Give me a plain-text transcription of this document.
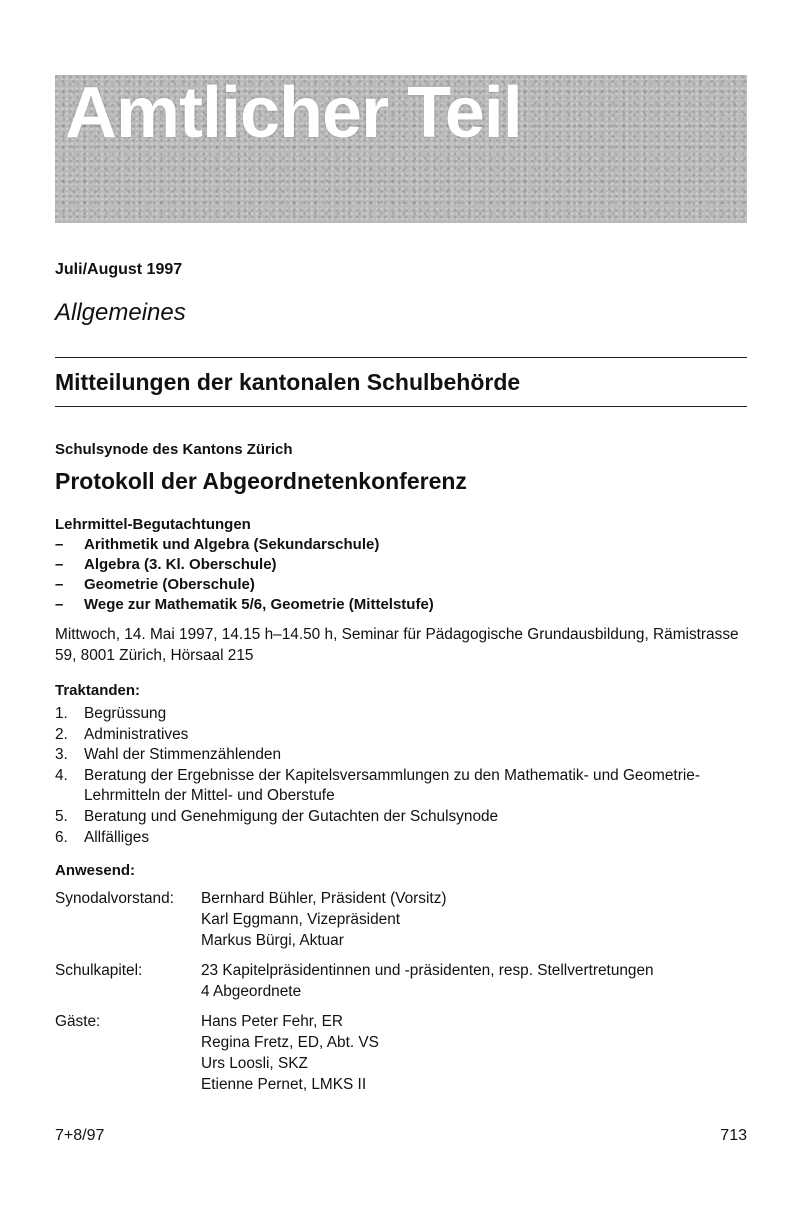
Amtlicher Teil
Juli/August 1997
Allgemeines
Mitteilungen der kantonalen Schulbehörde
Schulsynode des Kantons Zürich
Protokoll der Abgeordnetenkonferenz
Lehrmittel-Begutachtungen
– Arithmetik und Algebra (Sekundarschule)
– Algebra (3. Kl. Oberschule)
– Geometrie (Oberschule)
– Wege zur Mathematik 5/6, Geometrie (Mittelstufe)
Mittwoch, 14. Mai 1997, 14.15 h–14.50 h, Seminar für Pädagogische Grundausbildung, Rämistrasse 59, 8001 Zürich, Hörsaal 215
Traktanden:
1. Begrüssung
2. Administratives
3. Wahl der Stimmenzählenden
4. Beratung der Ergebnisse der Kapitelsversammlungen zu den Mathematik- und Geometrie-Lehrmitteln der Mittel- und Oberstufe
5. Beratung und Genehmigung der Gutachten der Schulsynode
6. Allfälliges
Anwesend:
Synodalvorstand: Bernhard Bühler, Präsident (Vorsitz)
Karl Eggmann, Vizepräsident
Markus Bürgi, Aktuar
Schulkapitel:	23 Kapitelpräsidentinnen und -präsidenten, resp. Stellvertretungen
4 Abgeordnete
Gäste:	Hans Peter Fehr, ER
Regina Fretz, ED, Abt. VS
Urs Loosli, SKZ
Etienne Pernet, LMKS II
7+8/97	713
